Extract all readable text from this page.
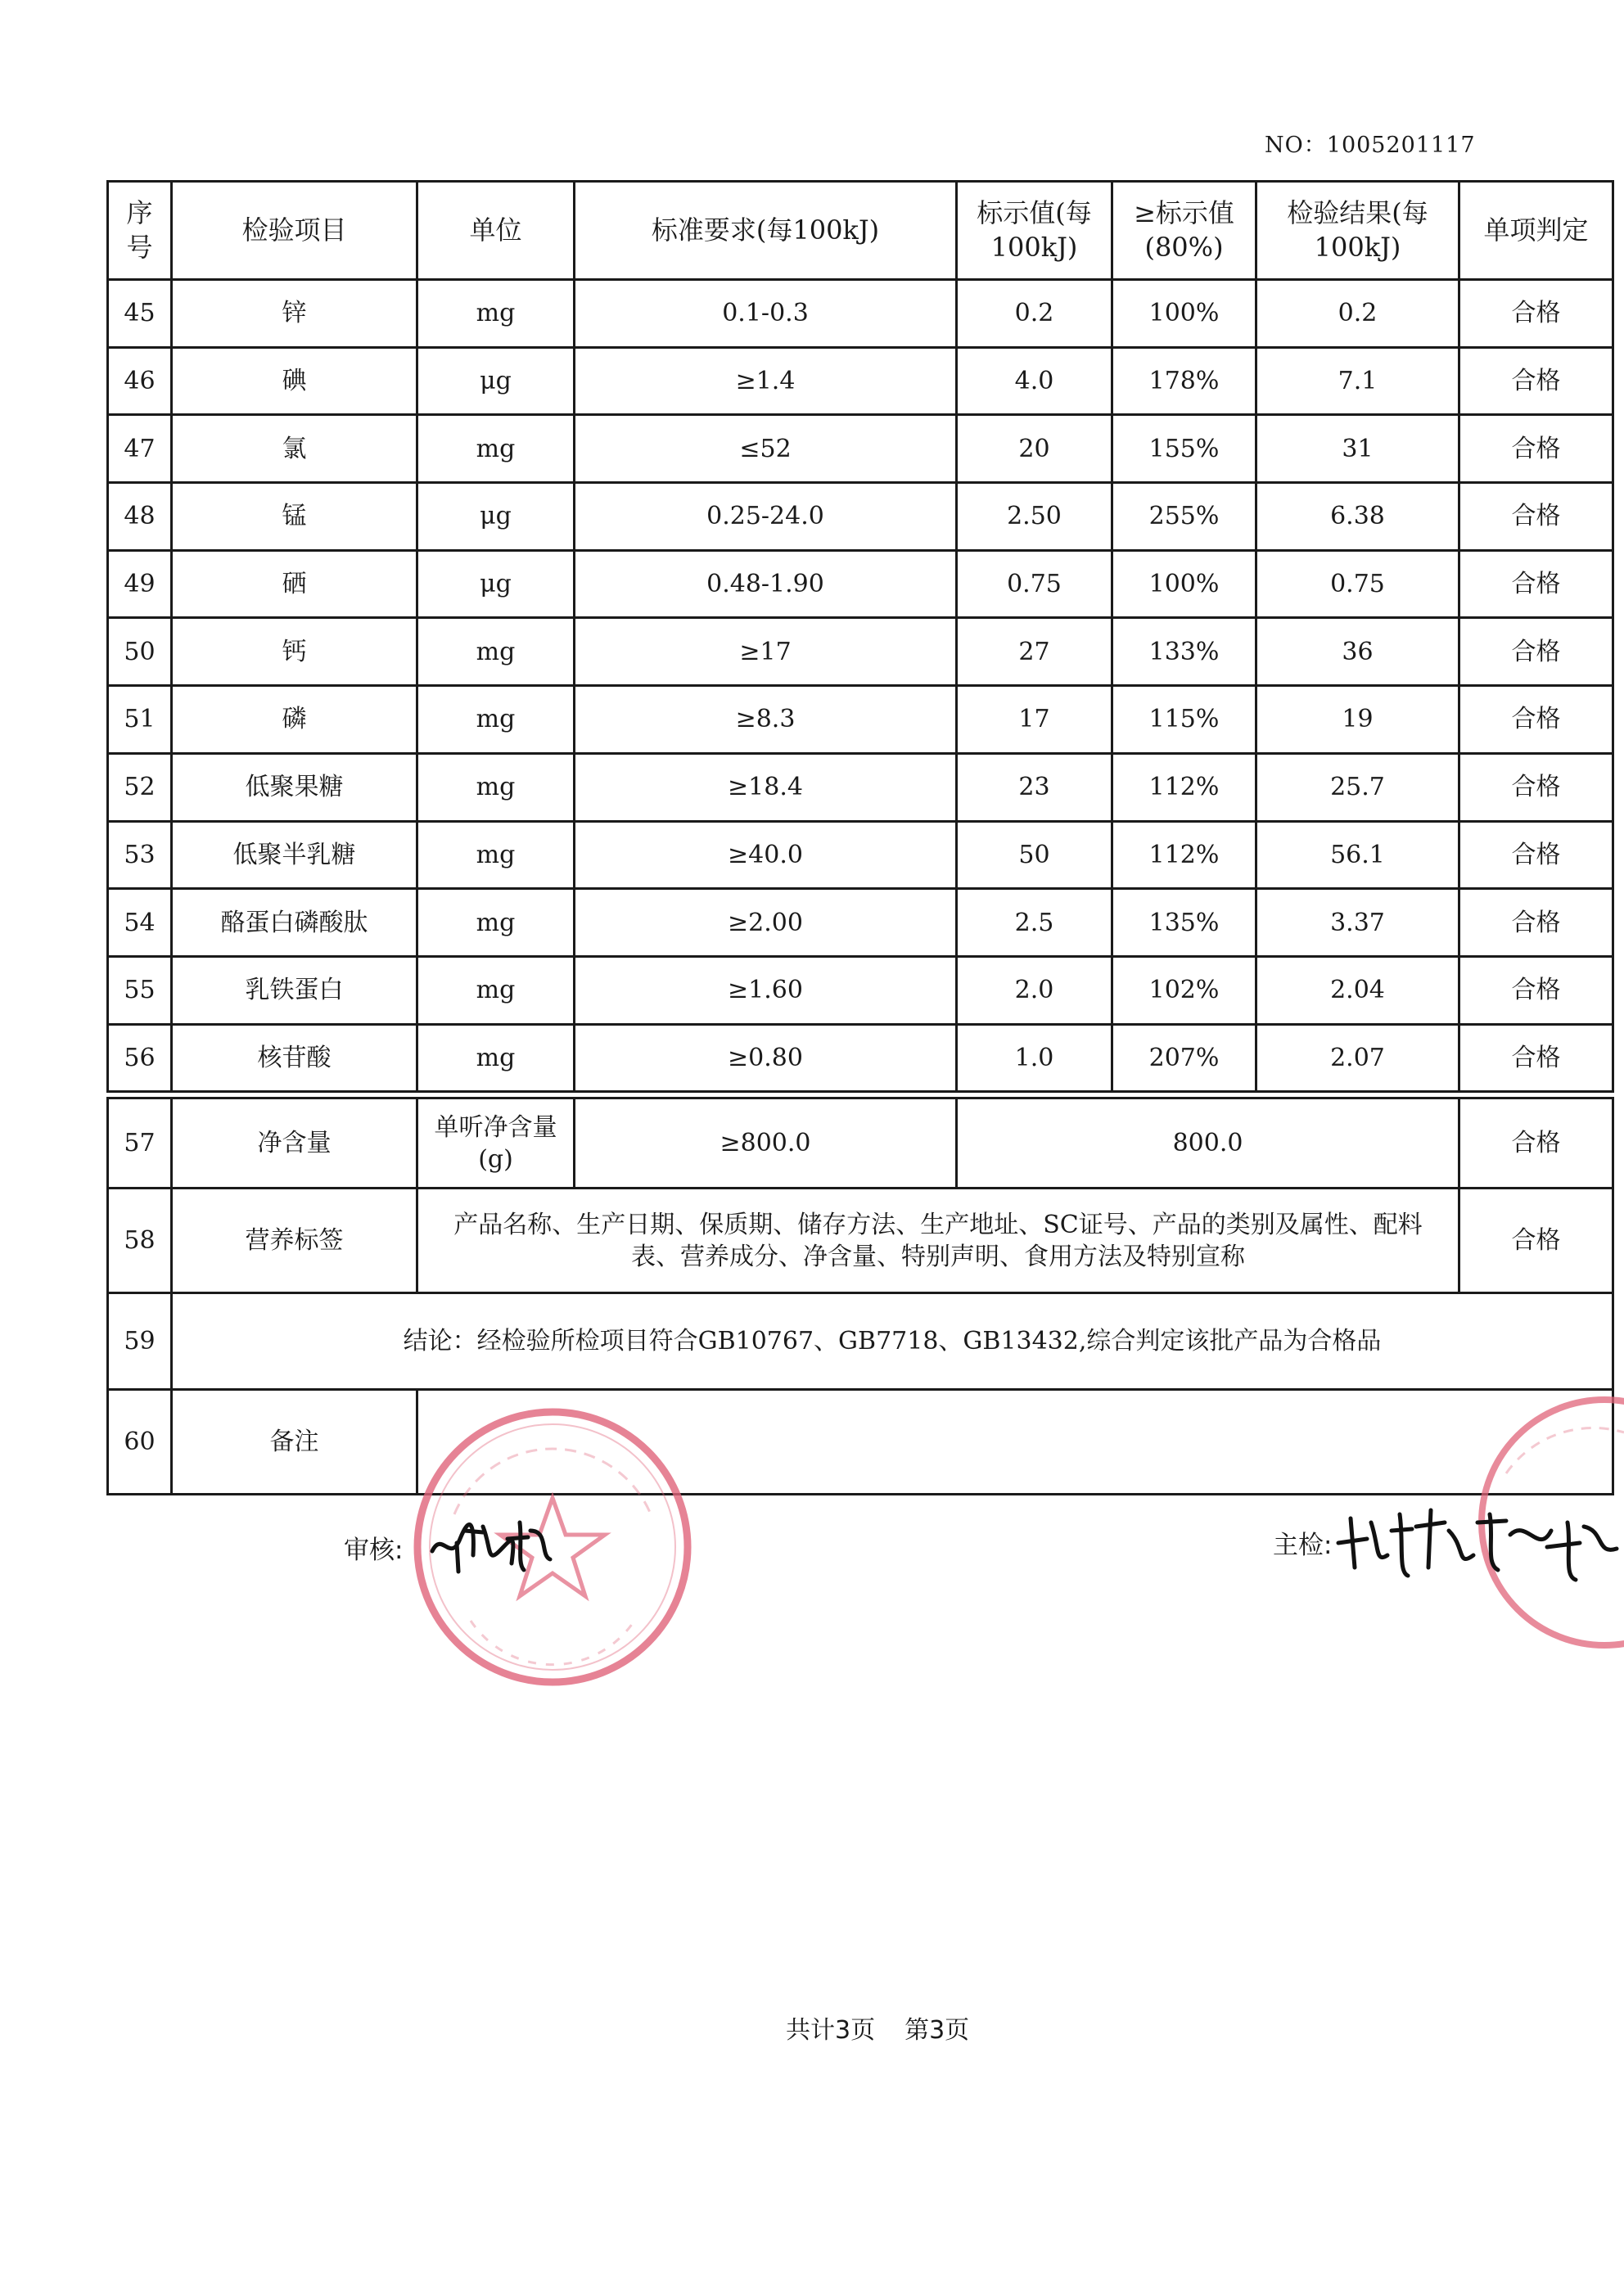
NO：1005201117
序号	检验项目	单位	标准要求(每100kJ)	标示值(每100kJ)	≥标示值(80%)	检验结果(每100kJ)	单项判定
45	锌	mg	0.1-0.3	0.2	100%	0.2	合格
46	碘	μg	≥1.4	4.0	178%	7.1	合格
47	氯	mg	≤52	20	155%	31	合格
48	锰	μg	0.25-24.0	2.50	255%	6.38	合格
49	硒	μg	0.48-1.90	0.75	100%	0.75	合格
50	钙	mg	≥17	27	133%	36	合格
51	磷	mg	≥8.3	17	115%	19	合格
52	低聚果糖	mg	≥18.4	23	112%	25.7	合格
53	低聚半乳糖	mg	≥40.0	50	112%	56.1	合格
54	酪蛋白磷酸肽	mg	≥2.00	2.5	135%	3.37	合格
55	乳铁蛋白	mg	≥1.60	2.0	102%	2.04	合格
56	核苷酸	mg	≥0.80	1.0	207%	2.07	合格
57	净含量	单听净含量(g)	≥800.0	800.0	合格
58	营养标签	产品名称、生产日期、保质期、储存方法、生产地址、SC证号、产品的类别及属性、配料表、营养成分、净含量、特别声明、食用方法及特别宣称			合格
59	结论：经检验所检项目符合GB10767、GB7718、GB13432,综合判定该批产品为合格品				
60	备注				
审核:	主检:
共计3页 第3页
